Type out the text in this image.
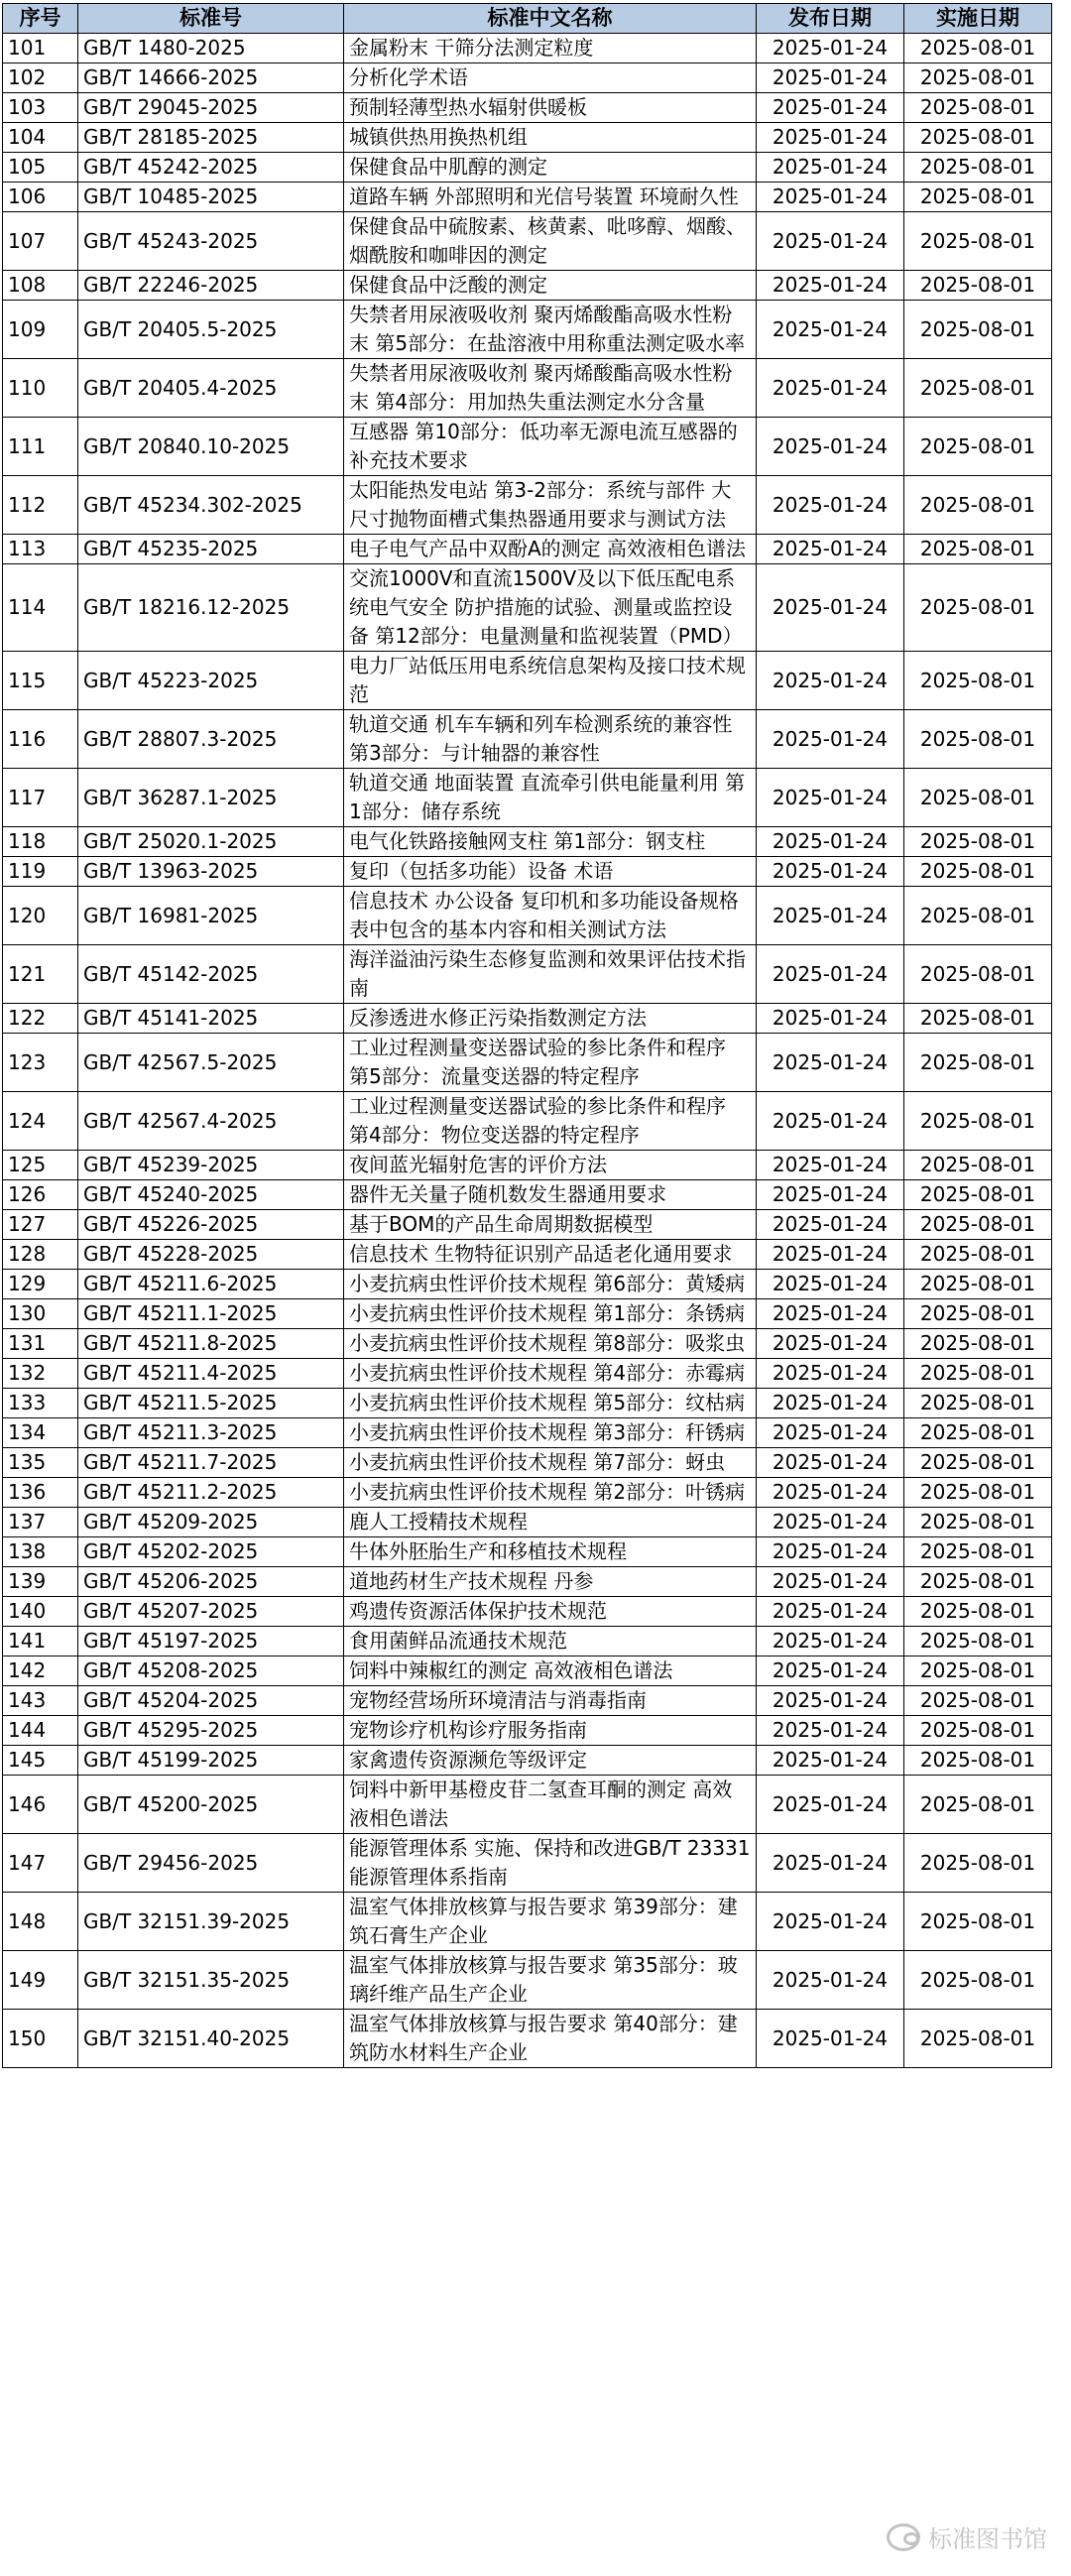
序号	标准号	标准中文名称	发布日期	实施日期
101	GB/T 1480-2025	金属粉末 干筛分法测定粒度	2025-01-24	2025-08-01
102	GB/T 14666-2025	分析化学术语	2025-01-24	2025-08-01
103	GB/T 29045-2025	预制轻薄型热水辐射供暖板	2025-01-24	2025-08-01
104	GB/T 28185-2025	城镇供热用换热机组	2025-01-24	2025-08-01
105	GB/T 45242-2025	保健食品中肌醇的测定	2025-01-24	2025-08-01
106	GB/T 10485-2025	道路车辆 外部照明和光信号装置 环境耐久性	2025-01-24	2025-08-01
107	GB/T 45243-2025	保健食品中硫胺素、核黄素、吡哆醇、烟酸、烟酰胺和咖啡因的测定	2025-01-24	2025-08-01
108	GB/T 22246-2025	保健食品中泛酸的测定	2025-01-24	2025-08-01
109	GB/T 20405.5-2025	失禁者用尿液吸收剂 聚丙烯酸酯高吸水性粉末 第5部分：在盐溶液中用称重法测定吸水率	2025-01-24	2025-08-01
110	GB/T 20405.4-2025	失禁者用尿液吸收剂 聚丙烯酸酯高吸水性粉末 第4部分：用加热失重法测定水分含量	2025-01-24	2025-08-01
111	GB/T 20840.10-2025	互感器 第10部分：低功率无源电流互感器的补充技术要求	2025-01-24	2025-08-01
112	GB/T 45234.302-2025	太阳能热发电站 第3-2部分：系统与部件 大尺寸抛物面槽式集热器通用要求与测试方法	2025-01-24	2025-08-01
113	GB/T 45235-2025	电子电气产品中双酚A的测定 高效液相色谱法	2025-01-24	2025-08-01
114	GB/T 18216.12-2025	交流1000V和直流1500V及以下低压配电系统电气安全 防护措施的试验、测量或监控设备 第12部分：电量测量和监视装置（PMD）	2025-01-24	2025-08-01
115	GB/T 45223-2025	电力厂站低压用电系统信息架构及接口技术规范	2025-01-24	2025-08-01
116	GB/T 28807.3-2025	轨道交通 机车车辆和列车检测系统的兼容性 第3部分：与计轴器的兼容性	2025-01-24	2025-08-01
117	GB/T 36287.1-2025	轨道交通 地面装置 直流牵引供电能量利用 第1部分：储存系统	2025-01-24	2025-08-01
118	GB/T 25020.1-2025	电气化铁路接触网支柱 第1部分：钢支柱	2025-01-24	2025-08-01
119	GB/T 13963-2025	复印（包括多功能）设备 术语	2025-01-24	2025-08-01
120	GB/T 16981-2025	信息技术 办公设备 复印机和多功能设备规格表中包含的基本内容和相关测试方法	2025-01-24	2025-08-01
121	GB/T 45142-2025	海洋溢油污染生态修复监测和效果评估技术指南	2025-01-24	2025-08-01
122	GB/T 45141-2025	反渗透进水修正污染指数测定方法	2025-01-24	2025-08-01
123	GB/T 42567.5-2025	工业过程测量变送器试验的参比条件和程序 第5部分：流量变送器的特定程序	2025-01-24	2025-08-01
124	GB/T 42567.4-2025	工业过程测量变送器试验的参比条件和程序 第4部分：物位变送器的特定程序	2025-01-24	2025-08-01
125	GB/T 45239-2025	夜间蓝光辐射危害的评价方法	2025-01-24	2025-08-01
126	GB/T 45240-2025	器件无关量子随机数发生器通用要求	2025-01-24	2025-08-01
127	GB/T 45226-2025	基于BOM的产品生命周期数据模型	2025-01-24	2025-08-01
128	GB/T 45228-2025	信息技术 生物特征识别产品适老化通用要求	2025-01-24	2025-08-01
129	GB/T 45211.6-2025	小麦抗病虫性评价技术规程 第6部分：黄矮病	2025-01-24	2025-08-01
130	GB/T 45211.1-2025	小麦抗病虫性评价技术规程 第1部分：条锈病	2025-01-24	2025-08-01
131	GB/T 45211.8-2025	小麦抗病虫性评价技术规程 第8部分：吸浆虫	2025-01-24	2025-08-01
132	GB/T 45211.4-2025	小麦抗病虫性评价技术规程 第4部分：赤霉病	2025-01-24	2025-08-01
133	GB/T 45211.5-2025	小麦抗病虫性评价技术规程 第5部分：纹枯病	2025-01-24	2025-08-01
134	GB/T 45211.3-2025	小麦抗病虫性评价技术规程 第3部分：秆锈病	2025-01-24	2025-08-01
135	GB/T 45211.7-2025	小麦抗病虫性评价技术规程 第7部分：蚜虫	2025-01-24	2025-08-01
136	GB/T 45211.2-2025	小麦抗病虫性评价技术规程 第2部分：叶锈病	2025-01-24	2025-08-01
137	GB/T 45209-2025	鹿人工授精技术规程	2025-01-24	2025-08-01
138	GB/T 45202-2025	牛体外胚胎生产和移植技术规程	2025-01-24	2025-08-01
139	GB/T 45206-2025	道地药材生产技术规程 丹参	2025-01-24	2025-08-01
140	GB/T 45207-2025	鸡遗传资源活体保护技术规范	2025-01-24	2025-08-01
141	GB/T 45197-2025	食用菌鲜品流通技术规范	2025-01-24	2025-08-01
142	GB/T 45208-2025	饲料中辣椒红的测定 高效液相色谱法	2025-01-24	2025-08-01
143	GB/T 45204-2025	宠物经营场所环境清洁与消毒指南	2025-01-24	2025-08-01
144	GB/T 45295-2025	宠物诊疗机构诊疗服务指南	2025-01-24	2025-08-01
145	GB/T 45199-2025	家禽遗传资源濒危等级评定	2025-01-24	2025-08-01
146	GB/T 45200-2025	饲料中新甲基橙皮苷二氢查耳酮的测定 高效液相色谱法	2025-01-24	2025-08-01
147	GB/T 29456-2025	能源管理体系 实施、保持和改进GB/T 23331能源管理体系指南	2025-01-24	2025-08-01
148	GB/T 32151.39-2025	温室气体排放核算与报告要求 第39部分：建筑石膏生产企业	2025-01-24	2025-08-01
149	GB/T 32151.35-2025	温室气体排放核算与报告要求 第35部分：玻璃纤维产品生产企业	2025-01-24	2025-08-01
150	GB/T 32151.40-2025	温室气体排放核算与报告要求 第40部分：建筑防水材料生产企业	2025-01-24	2025-08-01
标准图书馆
